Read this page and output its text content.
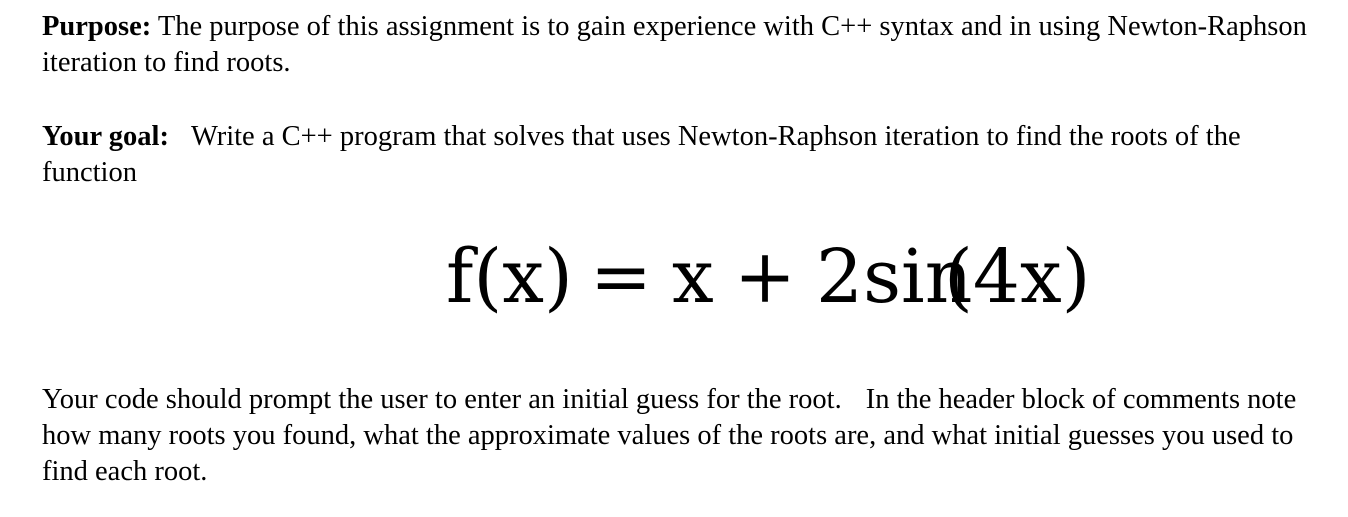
Purpose: The purpose of this assignment is to gain experience with C++ syntax and in using Newton-Raphson iteration to find roots.

Your goal: Write a C++ program that solves that uses Newton-Raphson iteration to find the roots of the function

Your code should prompt the user to enter an initial guess for the root. In the header block of comments note how many roots you found, what the approximate values of the roots are, and what initial guesses you used to find each root.

f(x) = x + 2sin
(4x)
